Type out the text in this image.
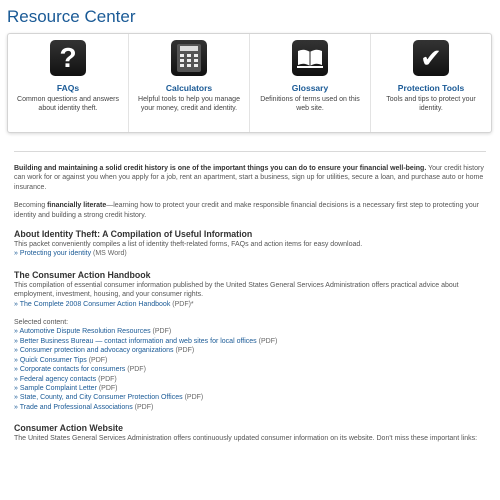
Resource Center
?
FAQs
Common questions and answers about identity theft.
Calculators
Helpful tools to help you manage your money, credit and identity.
Glossary
Definitions of terms used on this web site.
✔
Protection Tools
Tools and tips to protect your identity.

Building and maintaining a solid credit history is one of the important things you can do to ensure your financial well-being. Your credit history can work for or against you when you apply for a job, rent an apartment, start a business, sign up for utilities, secure a loan, and purchase auto or home insurance.

Becoming financially literate—learning how to protect your credit and make responsible financial decisions is a necessary first step to protecting your identity and building a strong credit history.

About Identity Theft: A Compilation of Useful Information
This packet conveniently compiles a list of identity theft-related forms, FAQs and action items for easy download.
» Protecting your identity (MS Word)
The Consumer Action Handbook
This compilation of essential consumer information published by the United States General Services Administration offers practical advice about employment, investment, housing, and your consumer rights.
» The Complete 2008 Consumer Action Handbook (PDF)*
Selected content:
» Automotive Dispute Resolution Resources (PDF)
» Better Business Bureau — contact information and web sites for local offices (PDF)
» Consumer protection and advocacy organizations (PDF)
» Quick Consumer Tips (PDF)
» Corporate contacts for consumers (PDF)
» Federal agency contacts (PDF)
» Sample Complaint Letter (PDF)
» State, County, and City Consumer Protection Offices (PDF)
» Trade and Professional Associations (PDF)
Consumer Action Website
The United States General Services Administration offers continuously updated consumer information on its website. Don't miss these important links:
